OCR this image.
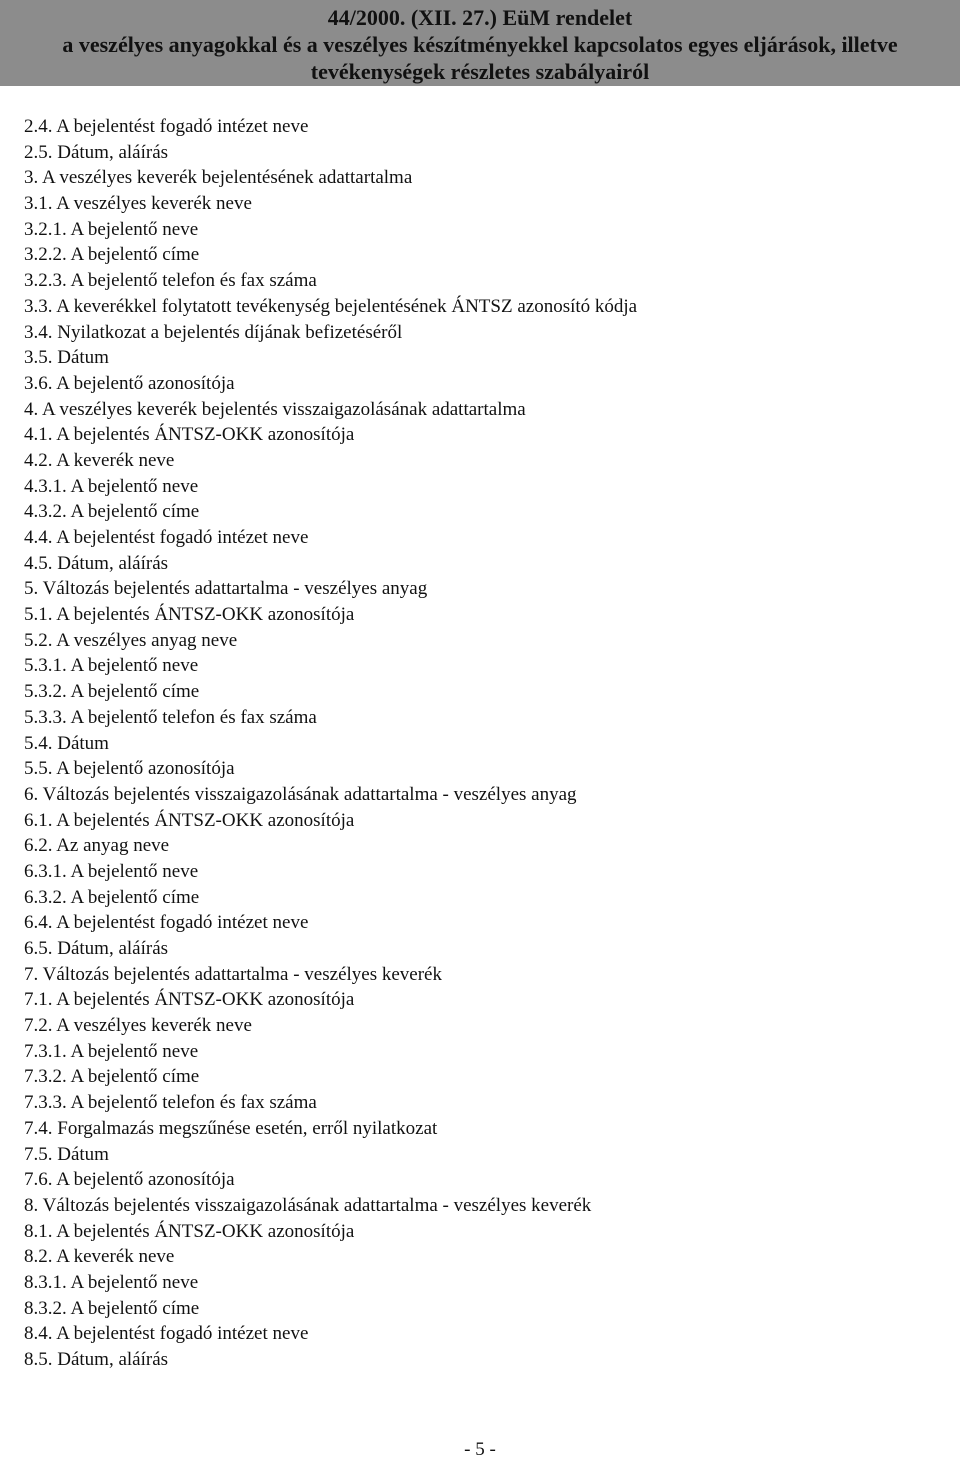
44/2000. (XII. 27.) EüM rendelet
a veszélyes anyagokkal és a veszélyes készítményekkel kapcsolatos egyes eljárások, illetve
tevékenységek részletes szabályairól
2.4. A bejelentést fogadó intézet neve
2.5. Dátum, aláírás
3. A veszélyes keverék bejelentésének adattartalma
3.1. A veszélyes keverék neve
3.2.1. A bejelentő neve
3.2.2. A bejelentő címe
3.2.3. A bejelentő telefon és fax száma
3.3. A keverékkel folytatott tevékenység bejelentésének ÁNTSZ azonosító kódja
3.4. Nyilatkozat a bejelentés díjának befizetéséről
3.5. Dátum
3.6. A bejelentő azonosítója
4. A veszélyes keverék bejelentés visszaigazolásának adattartalma
4.1. A bejelentés ÁNTSZ-OKK azonosítója
4.2. A keverék neve
4.3.1. A bejelentő neve
4.3.2. A bejelentő címe
4.4. A bejelentést fogadó intézet neve
4.5. Dátum, aláírás
5. Változás bejelentés adattartalma - veszélyes anyag
5.1. A bejelentés ÁNTSZ-OKK azonosítója
5.2. A veszélyes anyag neve
5.3.1. A bejelentő neve
5.3.2. A bejelentő címe
5.3.3. A bejelentő telefon és fax száma
5.4. Dátum
5.5. A bejelentő azonosítója
6. Változás bejelentés visszaigazolásának adattartalma - veszélyes anyag
6.1. A bejelentés ÁNTSZ-OKK azonosítója
6.2. Az anyag neve
6.3.1. A bejelentő neve
6.3.2. A bejelentő címe
6.4. A bejelentést fogadó intézet neve
6.5. Dátum, aláírás
7. Változás bejelentés adattartalma - veszélyes keverék
7.1. A bejelentés ÁNTSZ-OKK azonosítója
7.2. A veszélyes keverék neve
7.3.1. A bejelentő neve
7.3.2. A bejelentő címe
7.3.3. A bejelentő telefon és fax száma
7.4. Forgalmazás megszűnése esetén, erről nyilatkozat
7.5. Dátum
7.6. A bejelentő azonosítója
8. Változás bejelentés visszaigazolásának adattartalma - veszélyes keverék
8.1. A bejelentés ÁNTSZ-OKK azonosítója
8.2. A keverék neve
8.3.1. A bejelentő neve
8.3.2. A bejelentő címe
8.4. A bejelentést fogadó intézet neve
8.5. Dátum, aláírás
- 5 -
